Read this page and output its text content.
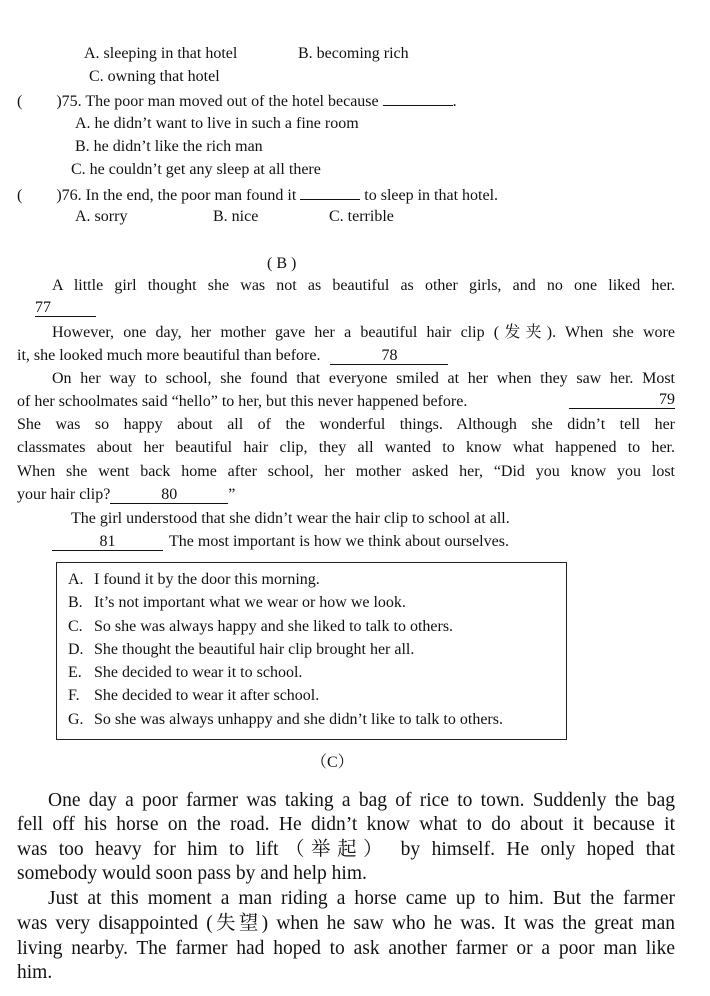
A. sleeping in that hotel	B. becoming rich
C. owning that hotel
( )75. The poor man moved out of the hotel because	.
A. he didn’t want to live in such a fine room
B. he didn’t like the rich man
C. he couldn’t get any sleep at all there
( )76. In the end, the poor man found it	to sleep in that hotel.
A. sorry	B. nice	C. terrible
( B )
A little girl thought she was not as beautiful as other girls, and no one liked her.
77
However, one day, her mother gave her a beautiful hair clip (发夹). When she wore
it, she looked much more beautiful than before.	78
On her way to school, she found that everyone smiled at her when they saw her. Most
of her schoolmates said “hello” to her, but this never happened before.	79
She was so happy about all of the wonderful things. Although she didn’t tell her
classmates about her beautiful hair clip, they all wanted to know what happened to her.
When she went back home after school, her mother asked her, “Did you know you lost
your hair clip?	80	”
The girl understood that she didn’t wear the hair clip to school at all.
81	The most important is how we think about ourselves.
A. I found it by the door this morning.
B. It’s not important what we wear or how we look.
C. So she was always happy and she liked to talk to others.
D. She thought the beautiful hair clip brought her all.
E. She decided to wear it to school.
F. She decided to wear it after school.
G. So she was always unhappy and she didn’t like to talk to others.
（C）
One day a poor farmer was taking a bag of rice to town. Suddenly the bag
fell off his horse on the road. He didn’t know what to do about it because it
was too heavy for him to lift（举起） by himself. He only hoped that
somebody would soon pass by and help him.
Just at this moment a man riding a horse came up to him. But the farmer
was very disappointed (失望) when he saw who he was. It was the great man
living nearby. The farmer had hoped to ask another farmer or a poor man like
him.
